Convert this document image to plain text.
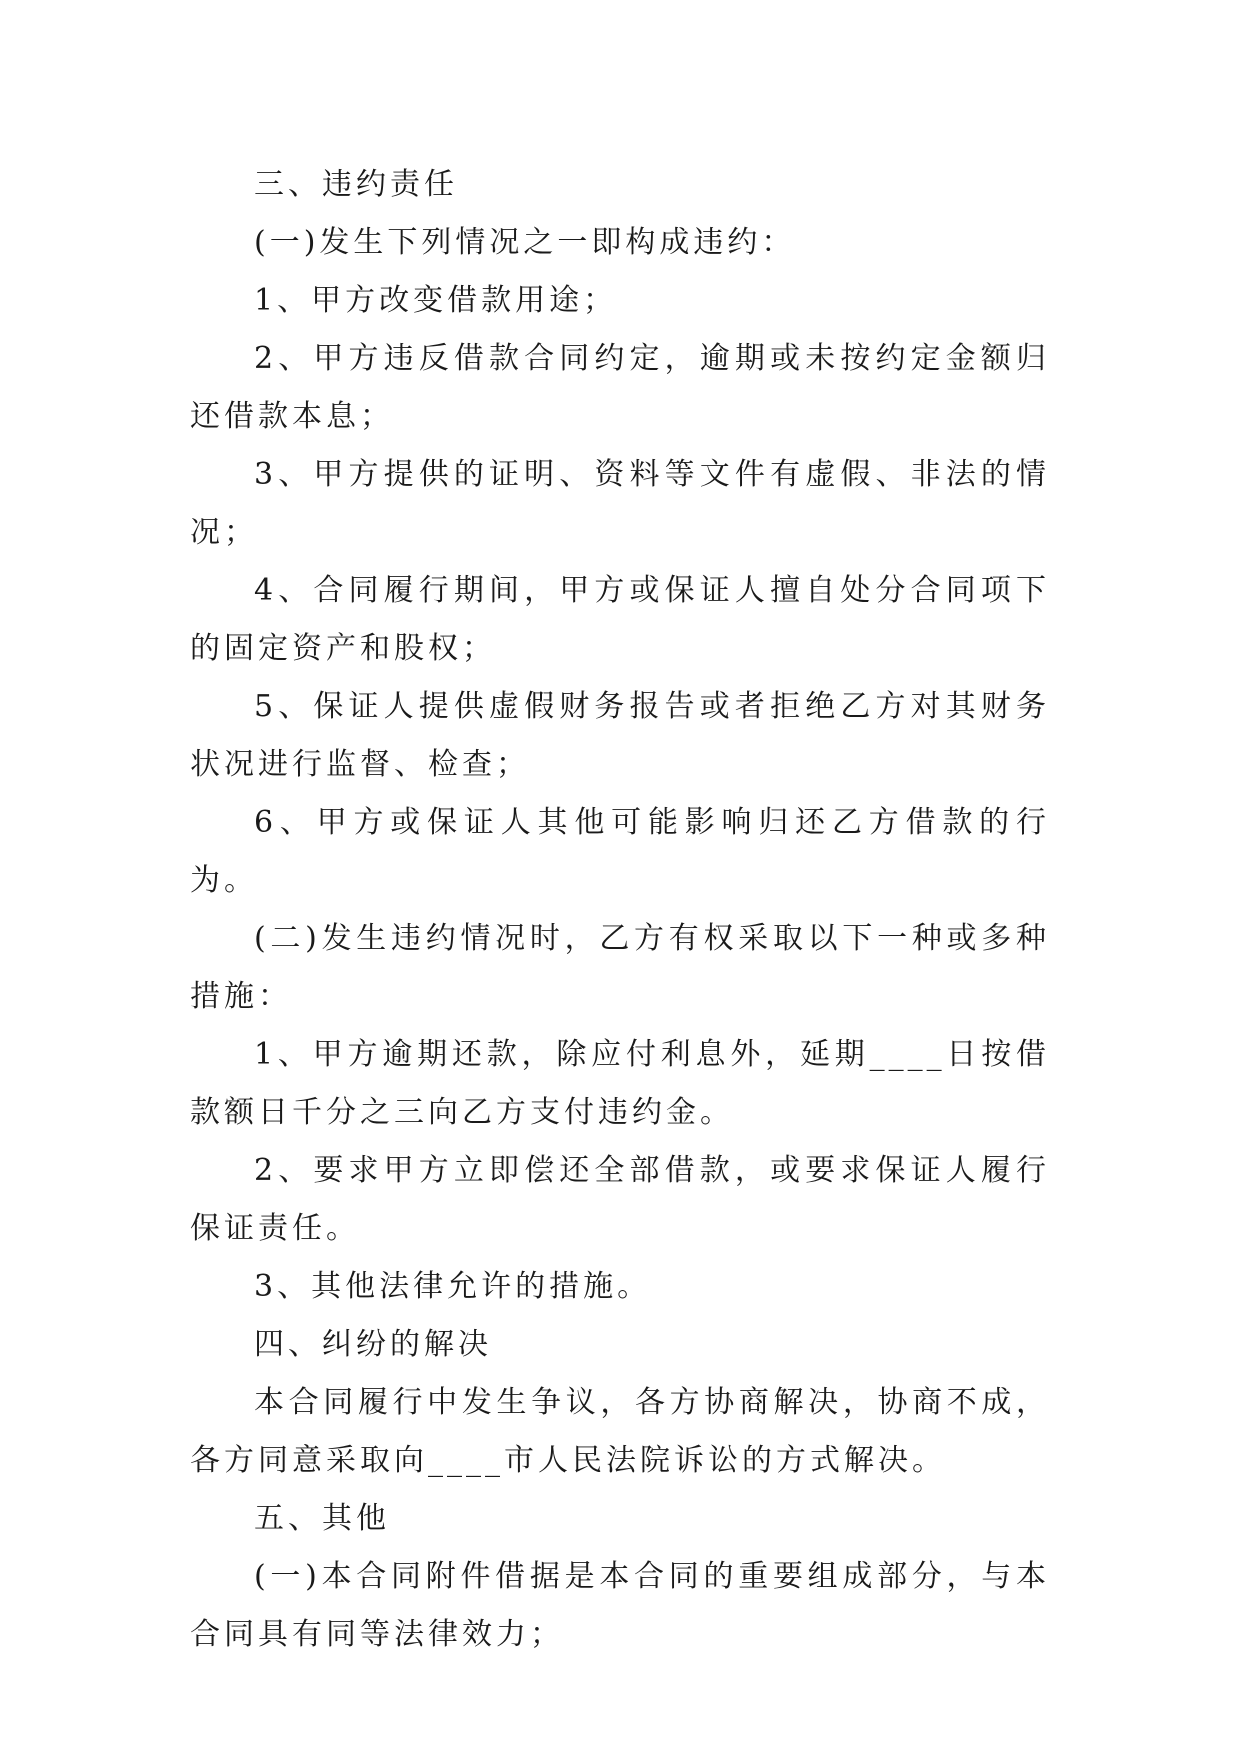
三、违约责任

(一)发生下列情况之一即构成违约：

1、甲方改变借款用途；

2、甲方违反借款合同约定，逾期或未按约定金额归还借款本息；

3、甲方提供的证明、资料等文件有虚假、非法的情况；

4、合同履行期间，甲方或保证人擅自处分合同项下的固定资产和股权；

5、保证人提供虚假财务报告或者拒绝乙方对其财务状况进行监督、检查；

6、甲方或保证人其他可能影响归还乙方借款的行为。

(二)发生违约情况时，乙方有权采取以下一种或多种措施：

1、甲方逾期还款，除应付利息外，延期____日按借款额日千分之三向乙方支付违约金。

2、要求甲方立即偿还全部借款，或要求保证人履行保证责任。

3、其他法律允许的措施。

四、纠纷的解决

本合同履行中发生争议，各方协商解决，协商不成，各方同意采取向____市人民法院诉讼的方式解决。

五、其他

(一)本合同附件借据是本合同的重要组成部分，与本合同具有同等法律效力；
